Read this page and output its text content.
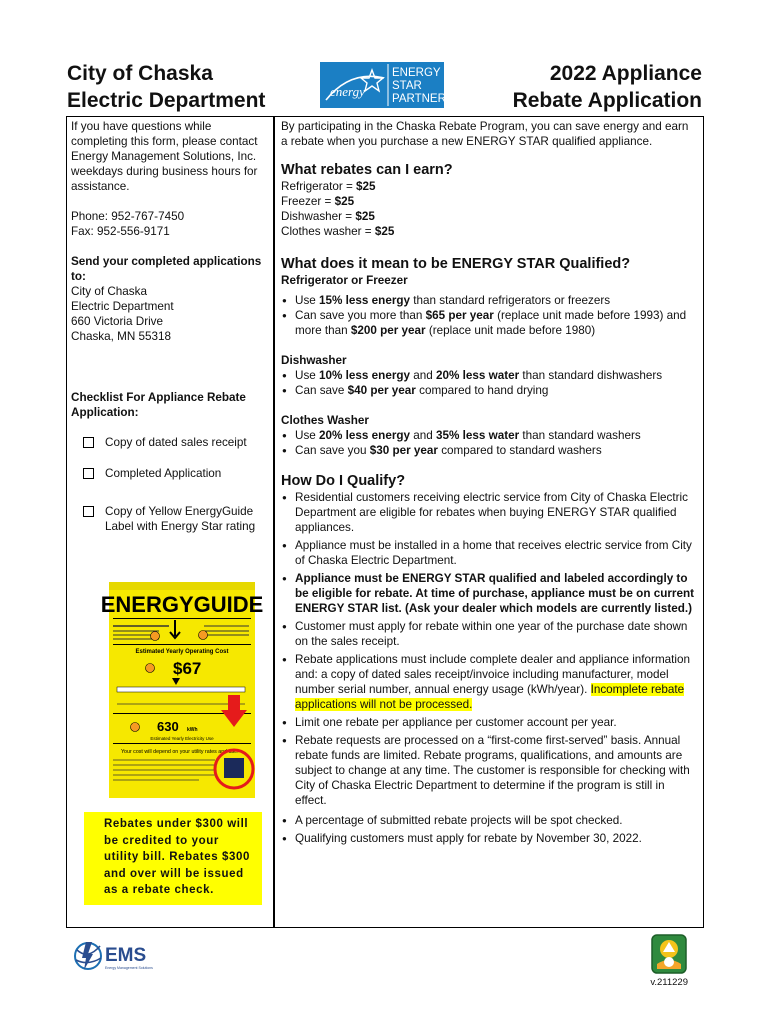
City of Chaska
Electric Department	energy
ENERGY
STAR
PARTNER
2022 Appliance
Rebate Application

If you have questions while completing this form, please contact Energy Management Solutions, Inc. weekdays during business hours for assistance.

Phone: 952-767-7450

Fax: 952-556-9171

Send your completed applications to:

City of Chaska

Electric Department

660 Victoria Drive

Chaska, MN 55318

Checklist For Appliance Rebate Application:

Copy of dated sales receipt
Completed Application
Copy of Yellow EnergyGuide Label with Energy Star rating
ENERGYGUIDE
Estimated Yearly Operating Cost
$67
630 kWh
Estimated Yearly Electricity Use
Your cost will depend on your utility rates and use.
Rebates under $300 will be credited to your utility bill. Rebates $300 and over will be issued as a rebate check.

By participating in the Chaska Rebate Program, you can save energy and earn a rebate when you purchase a new ENERGY STAR qualified appliance.

What rebates can I earn?

Refrigerator = $25

Freezer = $25

Dishwasher = $25

Clothes washer = $25

What does it mean to be ENERGY STAR Qualified?

Refrigerator or Freezer

● Use 15% less energy than standard refrigerators or freezers
● Can save you more than $65 per year (replace unit made before 1993) and more than $200 per year (replace unit made before 1980)

Dishwasher

● Use 10% less energy and 20% less water than standard dishwashers
● Can save $40 per year compared to hand drying

Clothes Washer

● Use 20% less energy and 35% less water than standard washers
● Can save you $30 per year compared to standard washers
How Do I Qualify?
● Residential customers receiving electric service from City of Chaska Electric Department are eligible for rebates when buying ENERGY STAR qualified appliances.
● Appliance must be installed in a home that receives electric service from City of Chaska Electric Department.
● Appliance must be ENERGY STAR qualified and labeled accordingly to be eligible for rebate. At time of purchase, appliance must be on current ENERGY STAR list. (Ask your dealer which models are currently listed.)
● Customer must apply for rebate within one year of the purchase date shown on the sales receipt.
● Rebate applications must include complete dealer and appliance information and: a copy of dated sales receipt/invoice including manufacturer, model number serial number, annual energy usage (kWh/year). Incomplete rebate applications will not be processed.
● Limit one rebate per appliance per customer account per year.
● Rebate requests are processed on a “first-come first-served” basis. Annual rebate funds are limited. Rebate programs, qualifications, and amounts are subject to change at any time. The customer is responsible for checking with City of Chaska Electric Department to determine if the program is still in effect.
● A percentage of submitted rebate projects will be spot checked.
● Qualifying customers must apply for rebate by November 30, 2022.
EMS
Energy Management Solutions
v.211229
